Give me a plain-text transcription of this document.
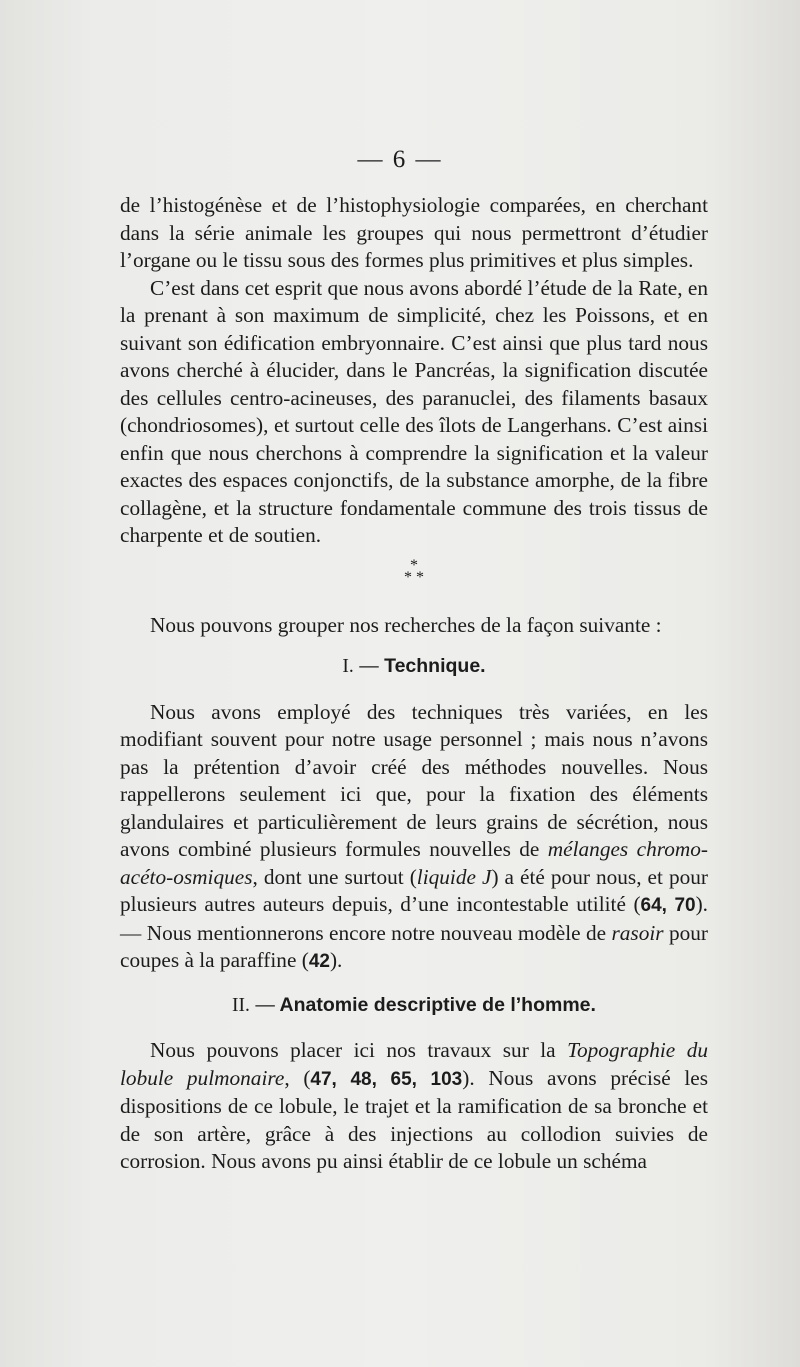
— 6 —

de l’histogénèse et de l’histophysiologie comparées, en cherchant dans la série animale les groupes qui nous permettront d’étudier l’organe ou le tissu sous des formes plus primitives et plus simples.

C’est dans cet esprit que nous avons abordé l’étude de la Rate, en la prenant à son maximum de simplicité, chez les Poissons, et en suivant son édification embryonnaire. C’est ainsi que plus tard nous avons cherché à élucider, dans le Pancréas, la signification discutée des cellules centro-acineuses, des paranuclei, des filaments basaux (chondriosomes), et surtout celle des îlots de Langerhans. C’est ainsi enfin que nous cherchons à comprendre la signification et la valeur exactes des espaces conjonctifs, de la substance amorphe, de la fibre collagène, et la structure fondamentale commune des trois tissus de charpente et de soutien.

*
* *

Nous pouvons grouper nos recherches de la façon suivante :

I. — Technique.

Nous avons employé des techniques très variées, en les modifiant souvent pour notre usage personnel ; mais nous n’avons pas la prétention d’avoir créé des méthodes nouvelles. Nous rappellerons seulement ici que, pour la fixation des éléments glandulaires et particulièrement de leurs grains de sécrétion, nous avons combiné plusieurs formules nouvelles de mélanges chromo-acéto-osmiques, dont une surtout (liquide J) a été pour nous, et pour plusieurs autres auteurs depuis, d’une incontestable utilité (64, 70). — Nous mentionnerons encore notre nouveau modèle de rasoir pour coupes à la paraffine (42).

II. — Anatomie descriptive de l’homme.

Nous pouvons placer ici nos travaux sur la Topographie du lobule pulmonaire, (47, 48, 65, 103). Nous avons précisé les dispositions de ce lobule, le trajet et la ramification de sa bronche et de son artère, grâce à des injections au collodion suivies de corrosion. Nous avons pu ainsi établir de ce lobule un schéma
